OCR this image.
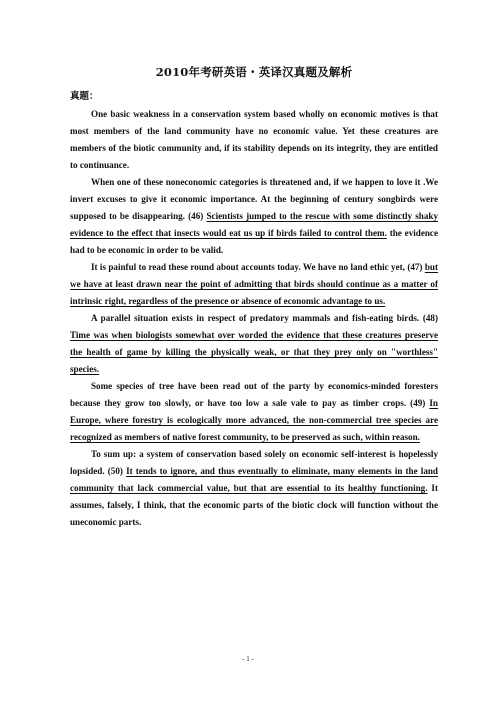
2010年考研英语・英译汉真题及解析
真题：

One basic weakness in a conservation system based wholly on economic motives is that most members of the land community have no economic value. Yet these creatures are members of the biotic community and, if its stability depends on its integrity, they are entitled to continuance.

When one of these noneconomic categories is threatened and, if we happen to love it .We invert excuses to give it economic importance. At the beginning of century songbirds were supposed to be disappearing. (46) Scientists jumped to the rescue with some distinctly shaky evidence to the effect that insects would eat us up if birds failed to control them. the evidence had to be economic in order to be valid.

It is painful to read these round about accounts today. We have no land ethic yet, (47) but we have at least drawn near the point of admitting that birds should continue as a matter of intrinsic right, regardless of the presence or absence of economic advantage to us.

A parallel situation exists in respect of predatory mammals and fish-eating birds. (48) Time was when biologists somewhat over worded the evidence that these creatures preserve the health of game by killing the physically weak, or that they prey only on "worthless" species.

Some species of tree have been read out of the party by economics-minded foresters because they grow too slowly, or have too low a sale vale to pay as timber crops. (49) In Europe, where forestry is ecologically more advanced, the non-commercial tree species are recognized as members of native forest community, to be preserved as such, within reason.

To sum up: a system of conservation based solely on economic self-interest is hopelessly lopsided. (50) It tends to ignore, and thus eventually to eliminate, many elements in the land community that lack commercial value, but that are essential to its healthy functioning. It assumes, falsely, I think, that the economic parts of the biotic clock will function without the uneconomic parts.

- 1 -
